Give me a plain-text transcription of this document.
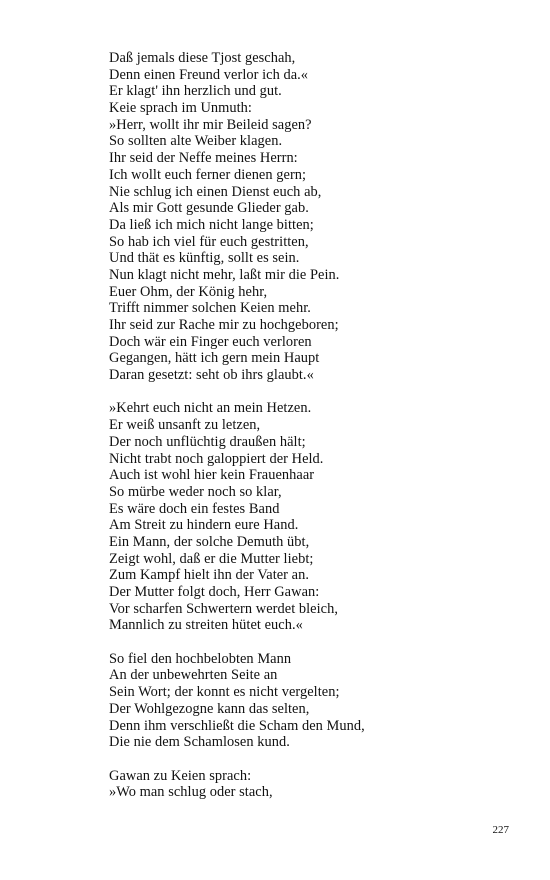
Daß jemals diese Tjost geschah,
Denn einen Freund verlor ich da.«
Er klagt' ihn herzlich und gut.
Keie sprach im Unmuth:
»Herr, wollt ihr mir Beileid sagen?
So sollten alte Weiber klagen.
Ihr seid der Neffe meines Herrn:
Ich wollt euch ferner dienen gern;
Nie schlug ich einen Dienst euch ab,
Als mir Gott gesunde Glieder gab.
Da ließ ich mich nicht lange bitten;
So hab ich viel für euch gestritten,
Und thät es künftig, sollt es sein.
Nun klagt nicht mehr, laßt mir die Pein.
Euer Ohm, der König hehr,
Trifft nimmer solchen Keien mehr.
Ihr seid zur Rache mir zu hochgeboren;
Doch wär ein Finger euch verloren
Gegangen, hätt ich gern mein Haupt
Daran gesetzt: seht ob ihrs glaubt.«
»Kehrt euch nicht an mein Hetzen.
Er weiß unsanft zu letzen,
Der noch unflüchtig draußen hält;
Nicht trabt noch galoppiert der Held.
Auch ist wohl hier kein Frauenhaar
So mürbe weder noch so klar,
Es wäre doch ein festes Band
Am Streit zu hindern eure Hand.
Ein Mann, der solche Demuth übt,
Zeigt wohl, daß er die Mutter liebt;
Zum Kampf hielt ihn der Vater an.
Der Mutter folgt doch, Herr Gawan:
Vor scharfen Schwertern werdet bleich,
Mannlich zu streiten hütet euch.«
So fiel den hochbelobten Mann
An der unbewehrten Seite an
Sein Wort; der konnt es nicht vergelten;
Der Wohlgezogne kann das selten,
Denn ihm verschließt die Scham den Mund,
Die nie dem Schamlosen kund.
Gawan zu Keien sprach:
»Wo man schlug oder stach,
227
